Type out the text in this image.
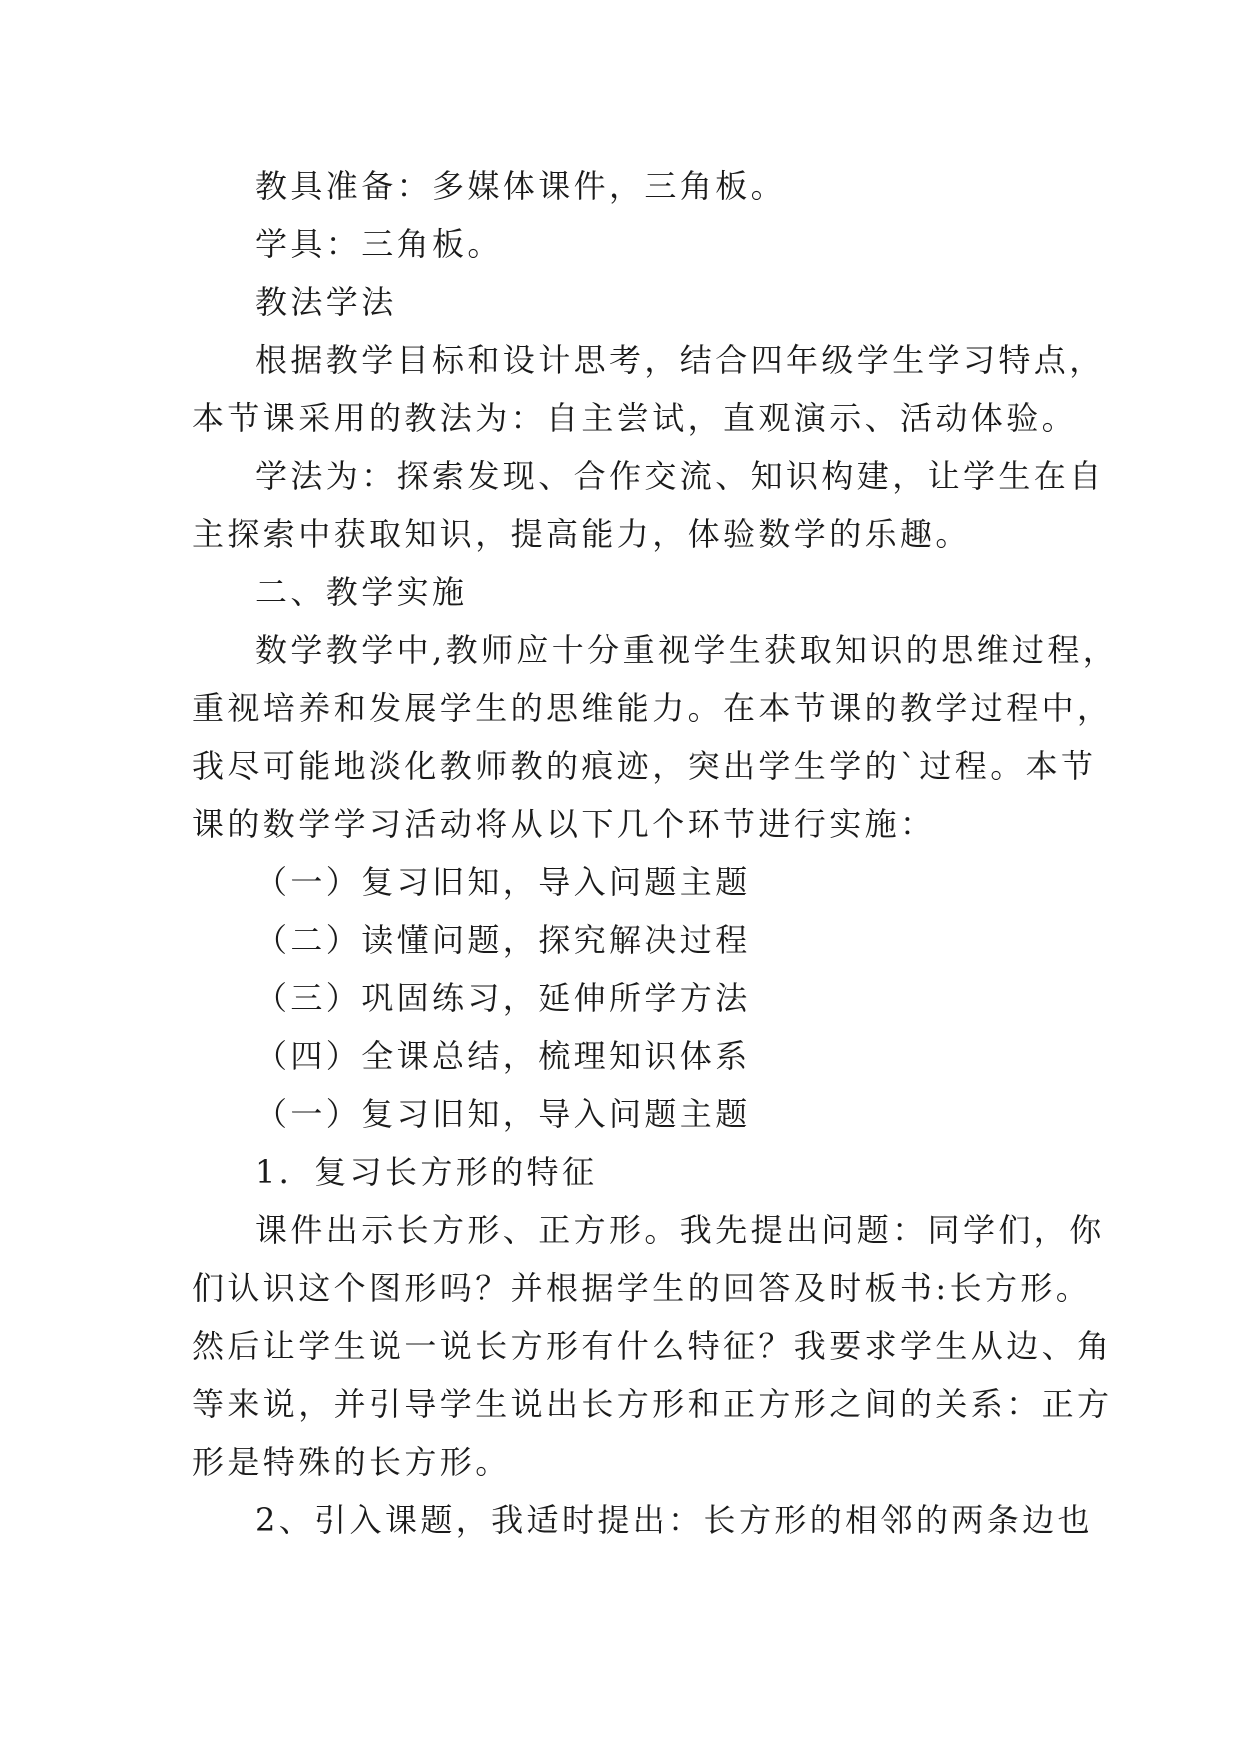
教具准备：多媒体课件，三角板。
学具：三角板。
教法学法
根据教学目标和设计思考，结合四年级学生学习特点，
本节课采用的教法为：自主尝试，直观演示、活动体验。
学法为：探索发现、合作交流、知识构建，让学生在自
主探索中获取知识，提高能力，体验数学的乐趣。
二、教学实施
数学教学中,教师应十分重视学生获取知识的思维过程，
重视培养和发展学生的思维能力。在本节课的教学过程中，
我尽可能地淡化教师教的痕迹，突出学生学的`过程。本节
课的数学学习活动将从以下几个环节进行实施：
（一）复习旧知，导入问题主题
（二）读懂问题，探究解决过程
（三）巩固练习，延伸所学方法
（四）全课总结，梳理知识体系
（一）复习旧知，导入问题主题
1．复习长方形的特征
课件出示长方形、正方形。我先提出问题：同学们，你
们认识这个图形吗？并根据学生的回答及时板书:长方形。
然后让学生说一说长方形有什么特征？我要求学生从边、角
等来说，并引导学生说出长方形和正方形之间的关系：正方
形是特殊的长方形。
2、引入课题，我适时提出：长方形的相邻的两条边也
